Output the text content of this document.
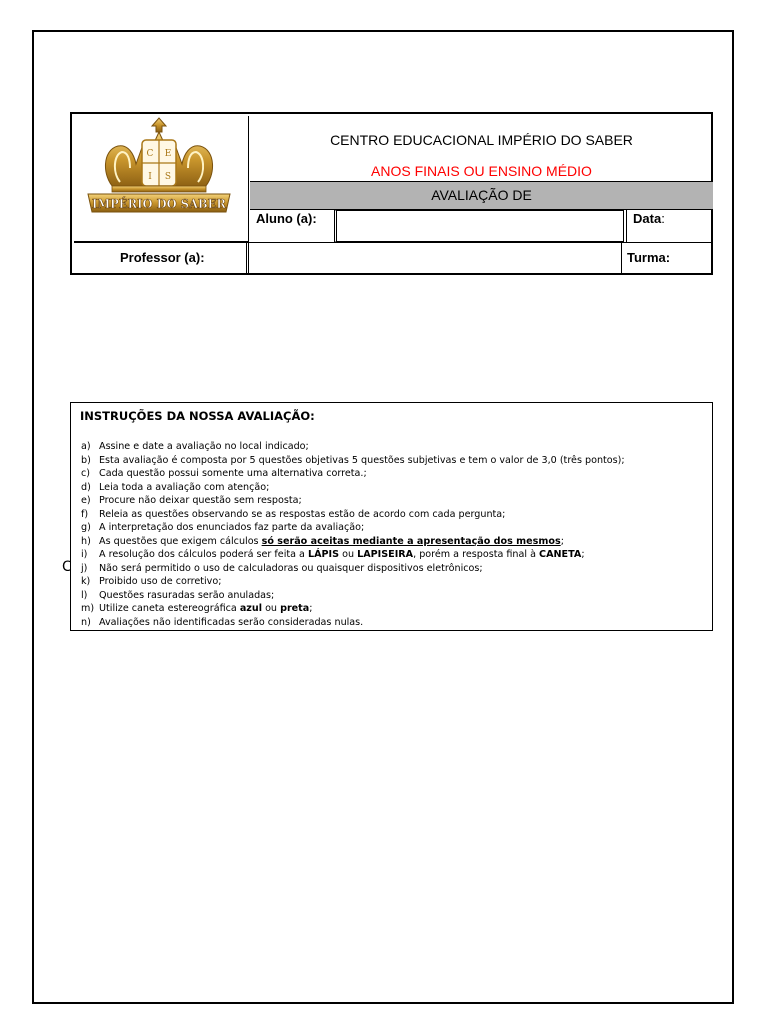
C E
I S
IMPÉRIO DO SABER
CENTRO EDUCACIONAL IMPÉRIO DO SABER
ANOS FINAIS OU ENSINO MÉDIO
AVALIAÇÃO DE
Aluno (a):	Data:
Professor (a):	Turma:
C
INSTRUÇÕES DA NOSSA AVALIAÇÃO:
a) Assine e date a avaliação no local indicado;
b) Esta avaliação é composta por 5 questões objetivas 5 questões subjetivas e tem o valor de 3,0 (três pontos);
c) Cada questão possui somente uma alternativa correta.;
d) Leia toda a avaliação com atenção;
e) Procure não deixar questão sem resposta;
f) Releia as questões observando se as respostas estão de acordo com cada pergunta;
g) A interpretação dos enunciados faz parte da avaliação;
h) As questões que exigem cálculos só serão aceitas mediante a apresentação dos mesmos;
i) A resolução dos cálculos poderá ser feita a LÁPIS ou LAPISEIRA, porém a resposta final à CANETA;
j) Não será permitido o uso de calculadoras ou quaisquer dispositivos eletrônicos;
k) Proibido uso de corretivo;
l) Questões rasuradas serão anuladas;
m) Utilize caneta estereográfica azul ou preta;
n) Avaliações não identificadas serão consideradas nulas.
